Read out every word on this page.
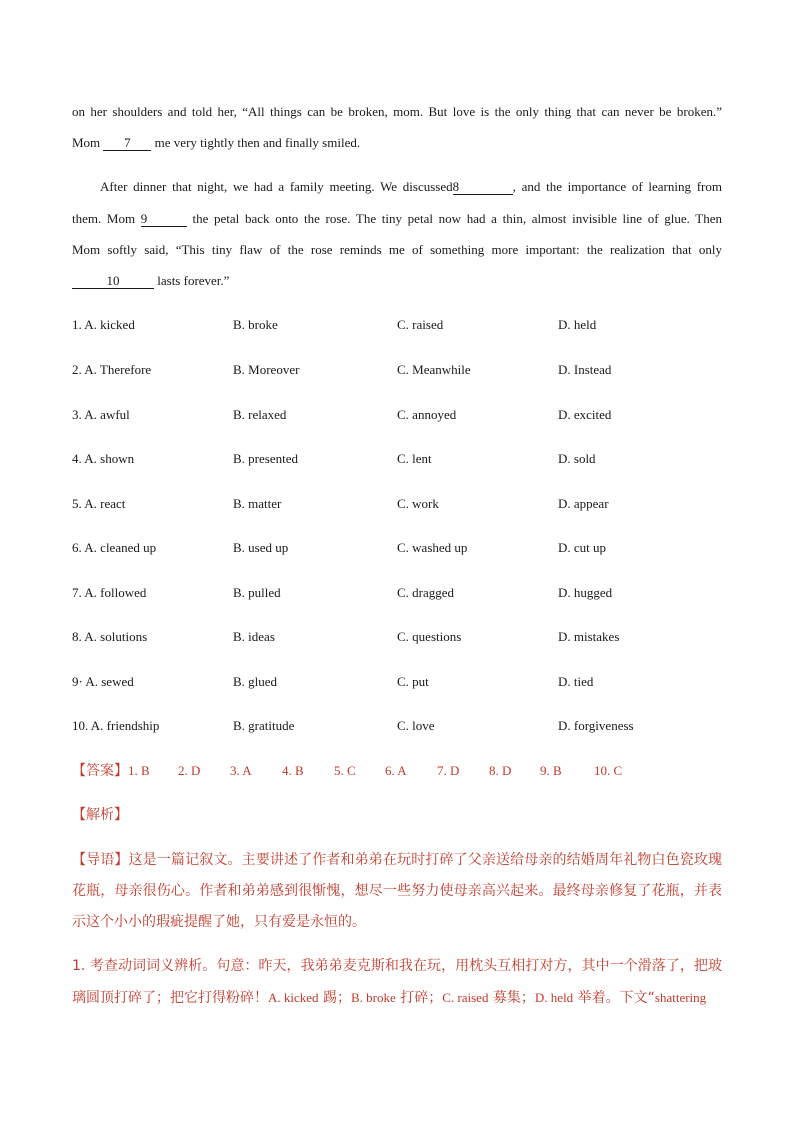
on her shoulders and told her, “All things can be broken, mom. But love is the only thing that can never be broken.”
Mom 7 me very tightly then and finally smiled.
After dinner that night, we had a family meeting. We discussed8	, and the importance of learning from
them. Mom 9	the petal back onto the rose. The tiny petal now had a thin, almost invisible line of glue. Then
Mom softly said, “This tiny flaw of the rose reminds me of something more important: the realization that only
10	lasts forever.”
1. A. kicked	B. broke	C. raised	D. held
2. A. Therefore	B. Moreover	C. Meanwhile	D. Instead
3. A. awful	B. relaxed	C. annoyed	D. excited
4. A. shown	B. presented	C. lent	D. sold
5. A. react	B. matter	C. work	D. appear
6. A. cleaned up	B. used up	C. washed up	D. cut up
7. A. followed	B. pulled	C. dragged	D. hugged
8. A. solutions	B. ideas	C. questions	D. mistakes
9· A. sewed	B. glued	C. put	D. tied
10. A. friendship	B. gratitude	C. love	D. forgiveness
【答案】1. B 2. D 3. A 4. B 5. C 6. A 7. D 8. D 9. B 10. C
【解析】
【导语】这是一篇记叙文。主要讲述了作者和弟弟在玩时打碎了父亲送给母亲的结婚周年礼物白色瓷玫瑰
花瓶，母亲很伤心。作者和弟弟感到很惭愧，想尽一些努力使母亲高兴起来。最终母亲修复了花瓶，并表
示这个小小的瑕疵提醒了她，只有爱是永恒的。
1. 考查动词词义辨析。句意：昨天，我弟弟麦克斯和我在玩，用枕头互相打对方，其中一个滑落了，把玻
璃圆顶打碎了；把它打得粉碎！A. kicked 踢；B. broke 打碎；C. raised 募集；D. held 举着。下文“shattering
